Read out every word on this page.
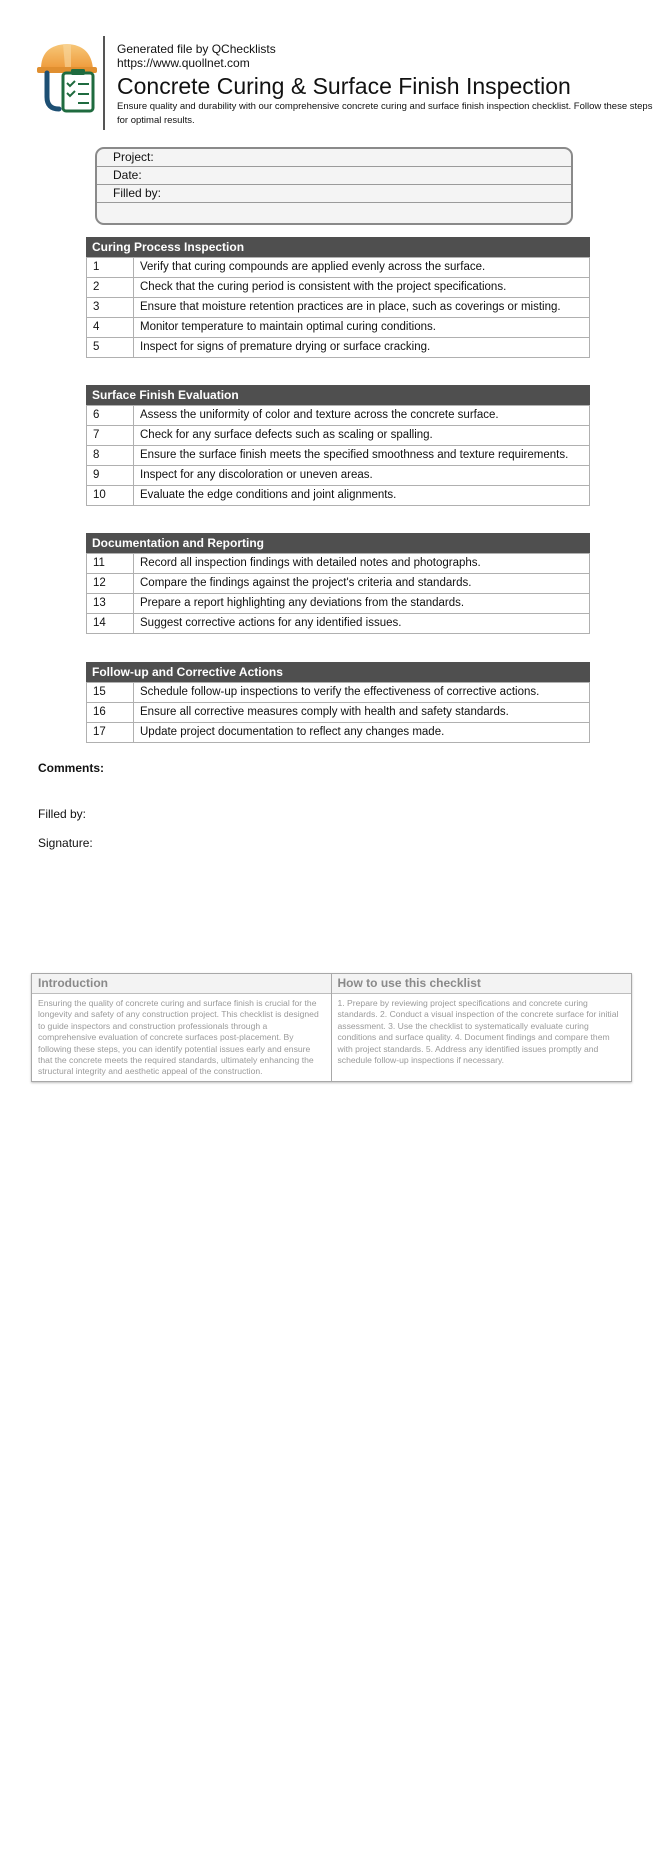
Generated file by QChecklists
https://www.quollnet.com
Concrete Curing & Surface Finish Inspection
Ensure quality and durability with our comprehensive concrete curing and surface finish inspection checklist. Follow these steps for optimal results.
Project:
Date:
Filled by:
Curing Process Inspection
1	Verify that curing compounds are applied evenly across the surface.
2	Check that the curing period is consistent with the project specifications.
3	Ensure that moisture retention practices are in place, such as coverings or misting.
4	Monitor temperature to maintain optimal curing conditions.
5	Inspect for signs of premature drying or surface cracking.
Surface Finish Evaluation
6	Assess the uniformity of color and texture across the concrete surface.
7	Check for any surface defects such as scaling or spalling.
8	Ensure the surface finish meets the specified smoothness and texture requirements.
9	Inspect for any discoloration or uneven areas.
10	Evaluate the edge conditions and joint alignments.
Documentation and Reporting
11	Record all inspection findings with detailed notes and photographs.
12	Compare the findings against the project's criteria and standards.
13	Prepare a report highlighting any deviations from the standards.
14	Suggest corrective actions for any identified issues.
Follow-up and Corrective Actions
15	Schedule follow-up inspections to verify the effectiveness of corrective actions.
16	Ensure all corrective measures comply with health and safety standards.
17	Update project documentation to reflect any changes made.
Comments:
Filled by:
Signature:
Introduction
Ensuring the quality of concrete curing and surface finish is crucial for the longevity and safety of any construction project. This checklist is designed to guide inspectors and construction professionals through a comprehensive evaluation of concrete surfaces post-placement. By following these steps, you can identify potential issues early and ensure that the concrete meets the required standards, ultimately enhancing the structural integrity and aesthetic appeal of the construction.
How to use this checklist
1. Prepare by reviewing project specifications and concrete curing standards. 2. Conduct a visual inspection of the concrete surface for initial assessment. 3. Use the checklist to systematically evaluate curing conditions and surface quality. 4. Document findings and compare them with project standards. 5. Address any identified issues promptly and schedule follow-up inspections if necessary.
